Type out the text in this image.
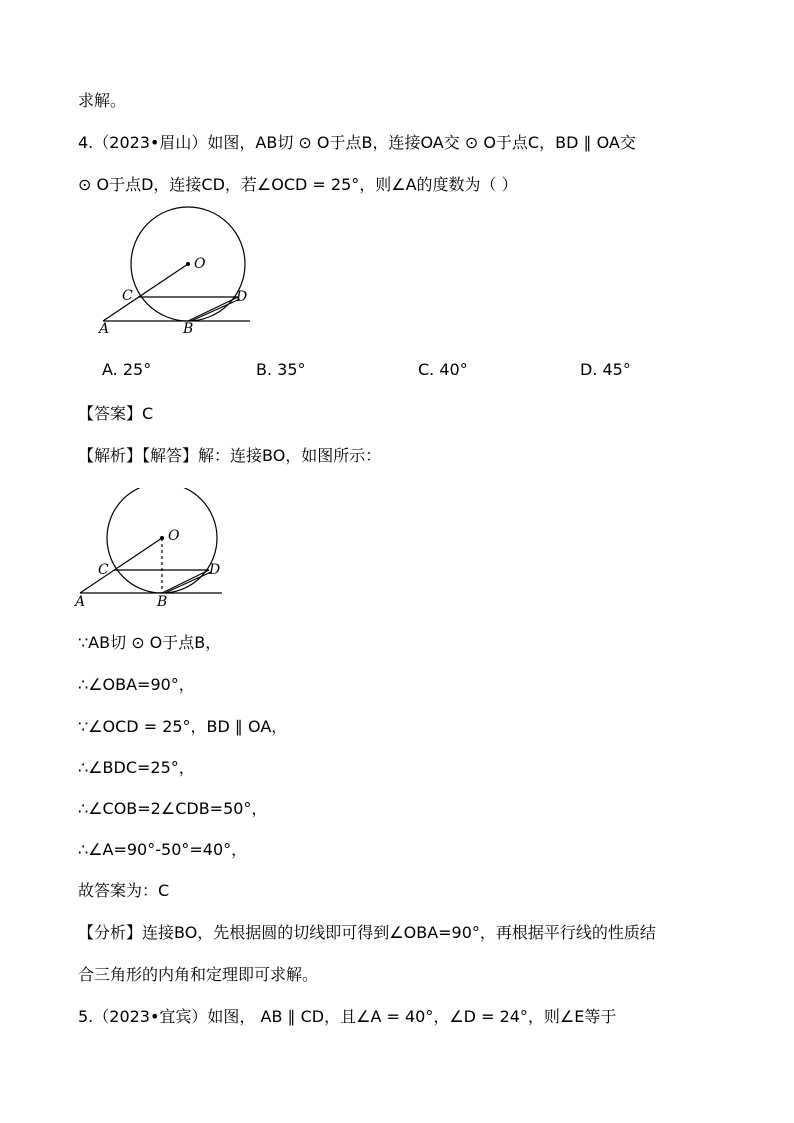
求解。
4.（2023•眉山）如图，AB切 ⊙ O于点B，连接OA交 ⊙ O于点C，BD ∥ OA交
⊙ O于点D，连接CD，若∠OCD = 25°，则∠A的度数为（ ）
O
C	D
A	B
A. 25°	B. 35°	C. 40°	D. 45°
【答案】C
【解析】【解答】解：连接BO，如图所示：
O
C	D
A	B
∵AB切 ⊙ O于点B，
∴∠OBA=90°，
∵∠OCD = 25°，BD ∥ OA，
∴∠BDC=25°，
∴∠COB=2∠CDB=50°，
∴∠A=90°-50°=40°，
故答案为：C
【分析】连接BO，先根据圆的切线即可得到∠OBA=90°，再根据平行线的性质结
合三角形的内角和定理即可求解。
5.（2023•宜宾）如图， AB ∥ CD，且∠A = 40°，∠D = 24°，则∠E等于
